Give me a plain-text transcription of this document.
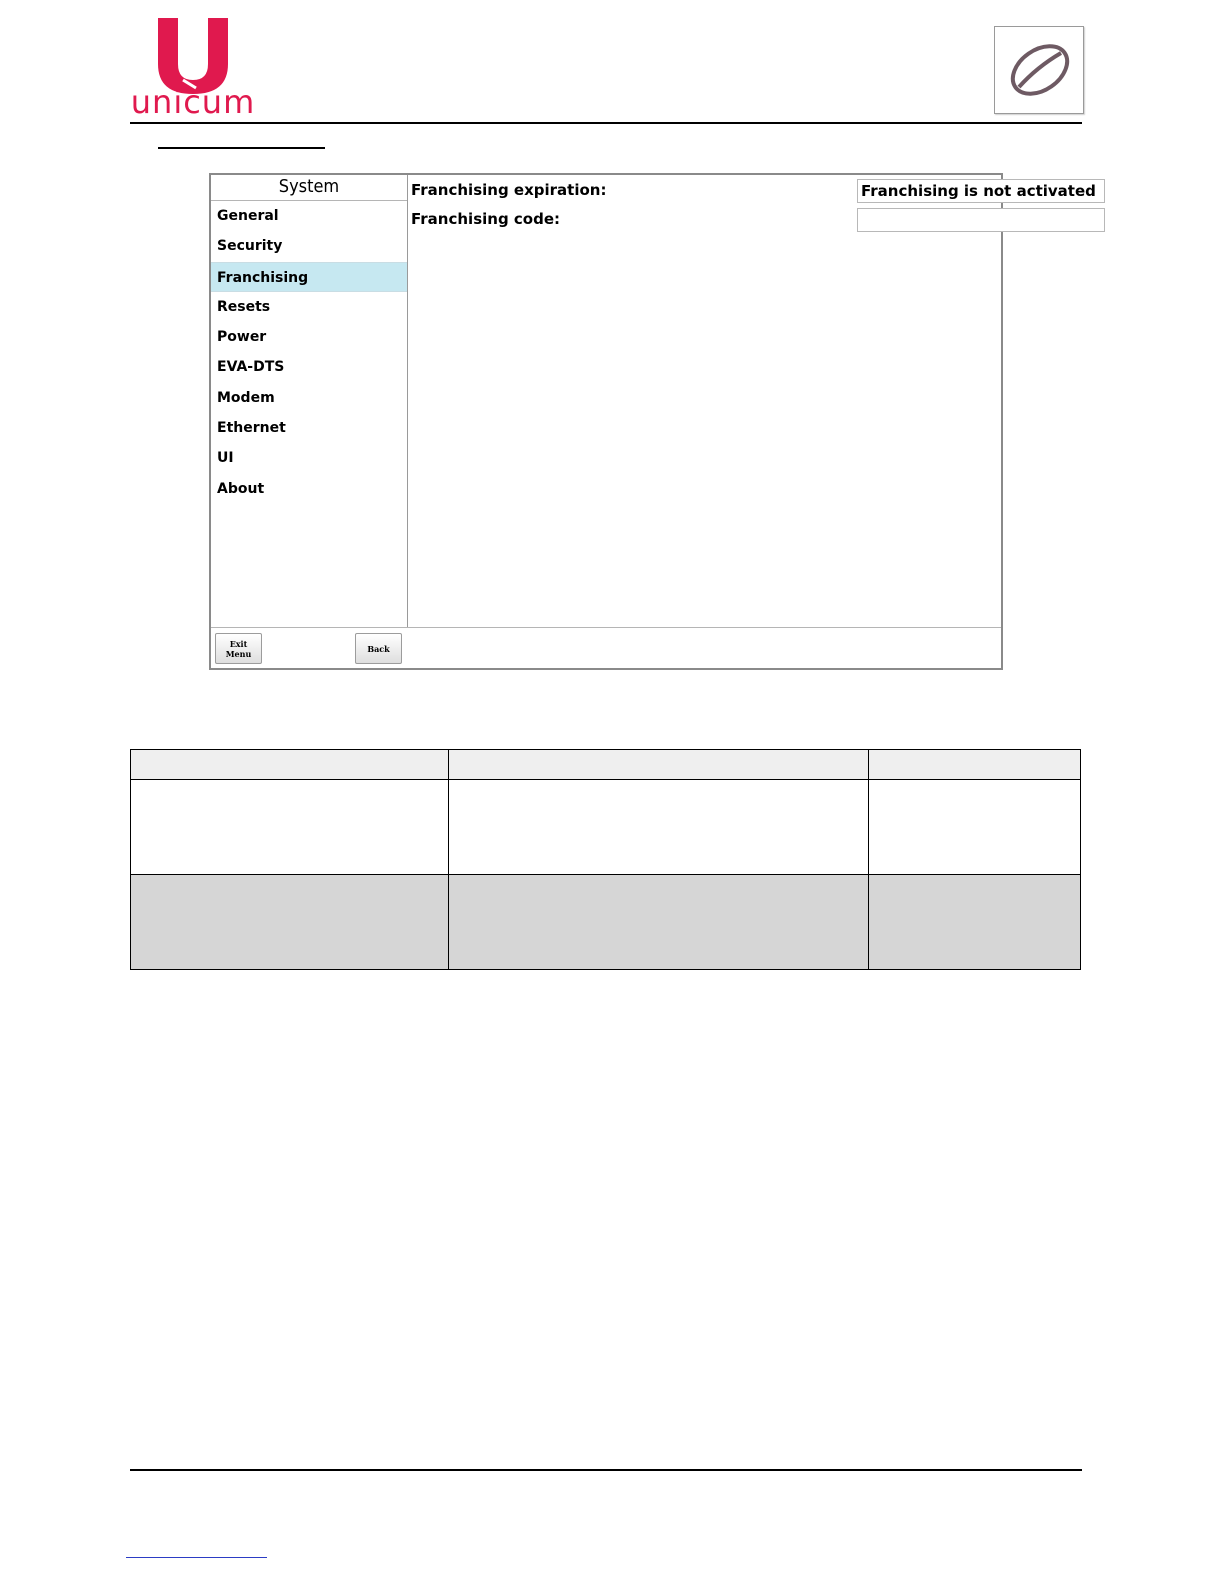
unicum
System
General
Security
Franchising
Resets
Power
EVA-DTS
Modem
Ethernet
UI
About
Franchising expiration:	Franchising is not activated
Franchising code:
Exit Menu	Back
